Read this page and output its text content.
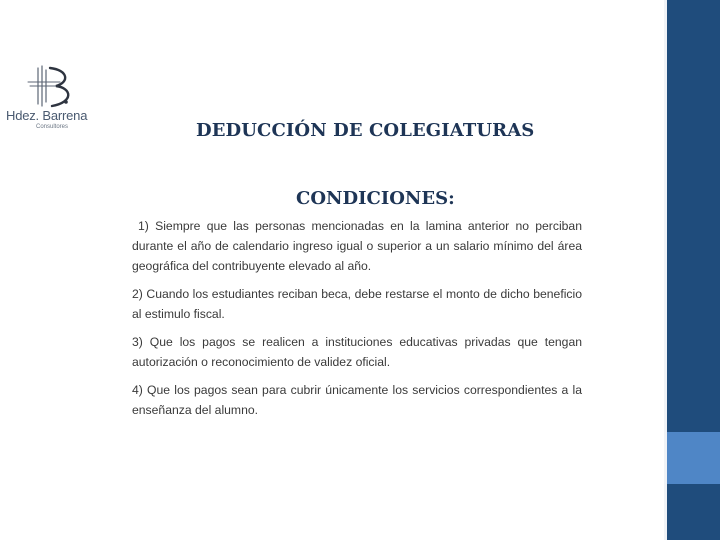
Hdez. Barrena
Consultores	DEDUCCIÓN DE COLEGIATURAS
CONDICIONES:

1) Siempre que las personas mencionadas en la lamina anterior no perciban durante el año de calendario ingreso igual o superior a un salario mínimo del área geográfica del contribuyente elevado al año.

2) Cuando los estudiantes reciban beca, debe restarse el monto de dicho beneficio al estimulo fiscal.

3) Que los pagos se realicen a instituciones educativas privadas que tengan autorización o reconocimiento de validez oficial.

4) Que los pagos sean para cubrir únicamente los servicios correspondientes a la enseñanza del alumno.
